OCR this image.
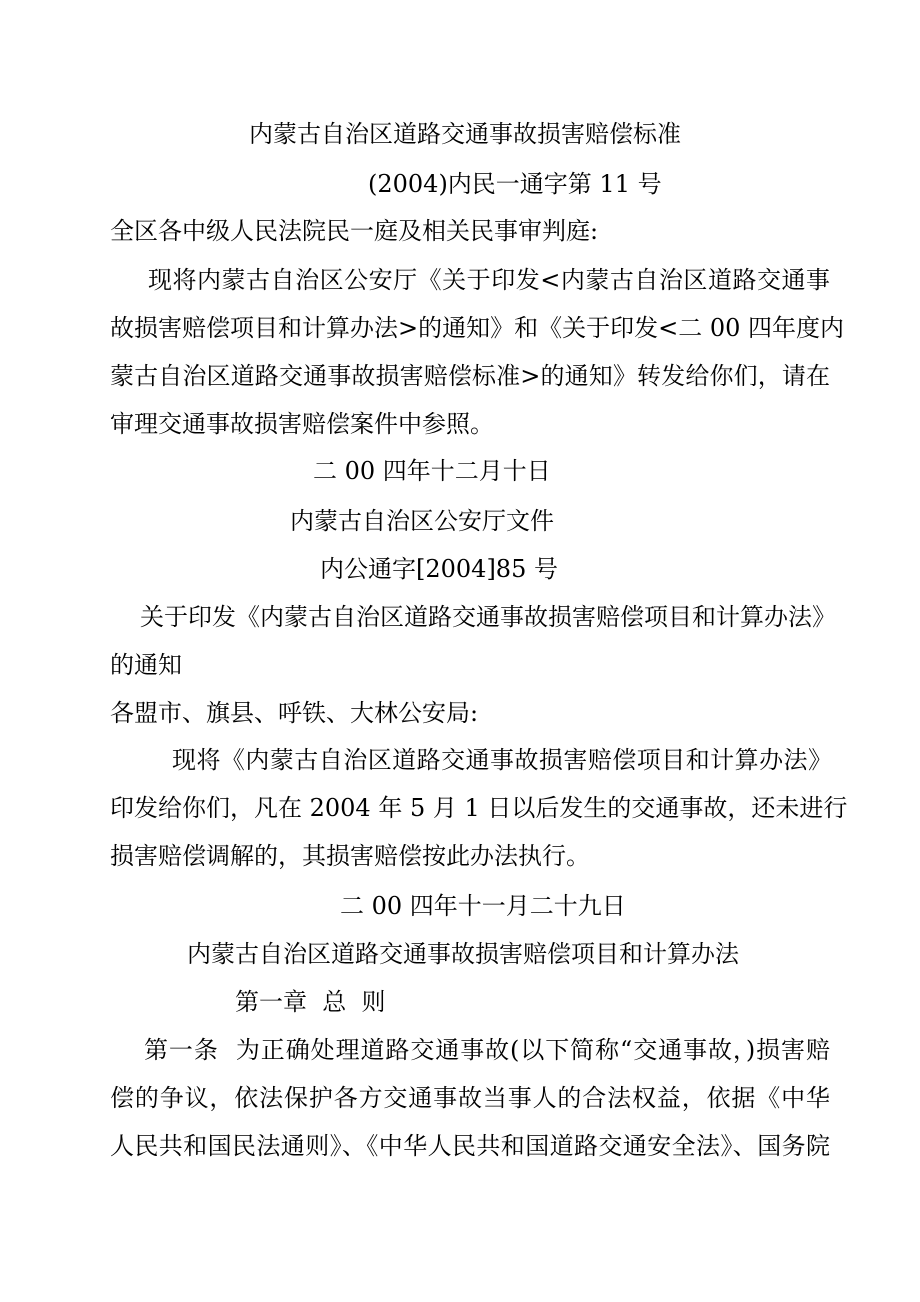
内蒙古自治区道路交通事故损害赔偿标准
(2004)内民一通字第 11 号
全区各中级人民法院民一庭及相关民事审判庭:
现将内蒙古自治区公安厅《关于印发<内蒙古自治区道路交通事
故损害赔偿项目和计算办法>的通知》和《关于印发<二 00 四年度内
蒙古自治区道路交通事故损害赔偿标准>的通知》转发给你们，请在
审理交通事故损害赔偿案件中参照。
二 00 四年十二月十日
内蒙古自治区公安厅文件
内公通字[2004]85 号
关于印发《内蒙古自治区道路交通事故损害赔偿项目和计算办法》
的通知
各盟市、旗县、呼铁、大林公安局:
现将《内蒙古自治区道路交通事故损害赔偿项目和计算办法》
印发给你们，凡在 2004 年 5 月 1 日以后发生的交通事故，还未进行
损害赔偿调解的，其损害赔偿按此办法执行。
二 00 四年十一月二十九日
内蒙古自治区道路交通事故损害赔偿项目和计算办法
第一章  总  则
第一条  为正确处理道路交通事故(以下简称“交通事故，)损害赔
偿的争议，依法保护各方交通事故当事人的合法权益，依据《中华
人民共和国民法通则》、《中华人民共和国道路交通安全法》、国务院
